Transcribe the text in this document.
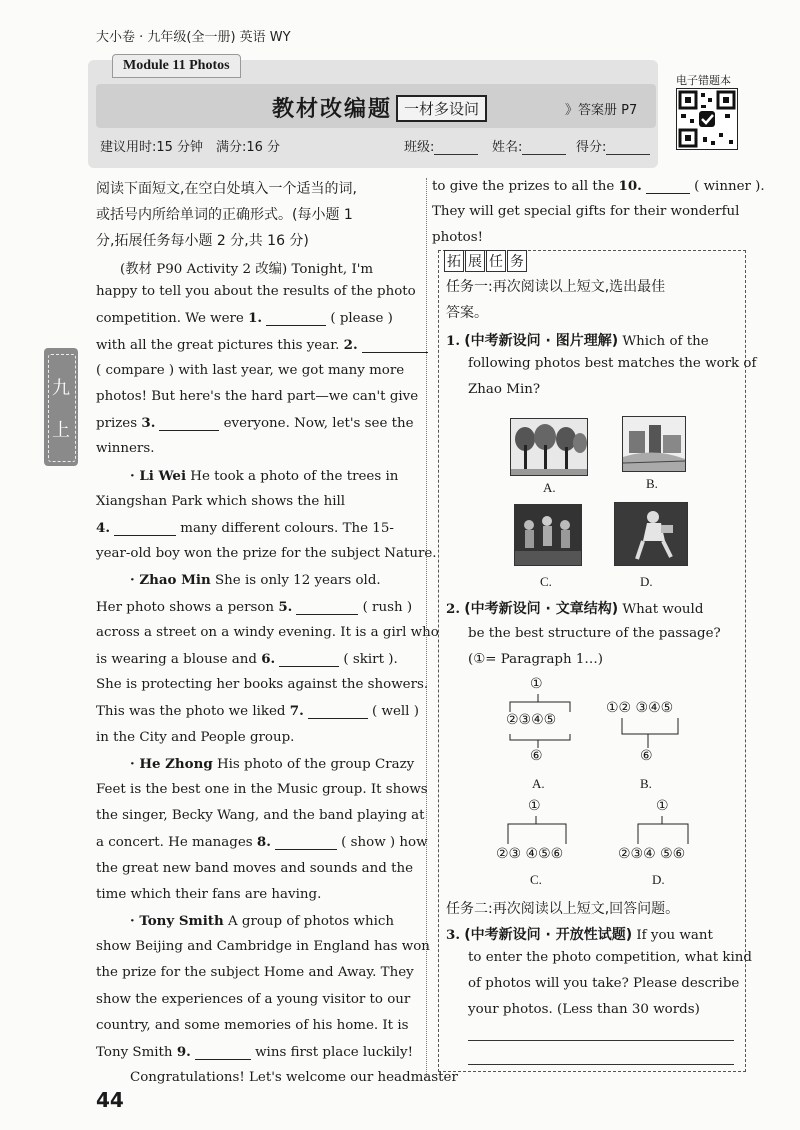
大小卷 · 九年级(全一册) 英语 WY
Module 11 Photos
教材改编题 一材多设问	》答案册 P7
建议用时:15 分钟 满分:16 分	班级:	姓名:	得分:
电子错题本
九
上
阅读下面短文,在空白处填入一个适当的词,
或括号内所给单词的正确形式。(每小题 1
分,拓展任务每小题 2 分,共 16 分)
(教材 P90 Activity 2 改编) Tonight, I'm
happy to tell you about the results of the photo
competition. We were 1.	( please )
with all the great pictures this year. 2.
( compare ) with last year, we got many more
photos! But here's the hard part—we can't give
prizes 3.	everyone. Now, let's see the
winners.
· Li Wei He took a photo of the trees in
Xiangshan Park which shows the hill
4.	many different colours. The 15-
year-old boy won the prize for the subject Nature.
· Zhao Min She is only 12 years old.
Her photo shows a person 5.	( rush )
across a street on a windy evening. It is a girl who
is wearing a blouse and 6.	( skirt ).
She is protecting her books against the showers.
This was the photo we liked 7.	( well )
in the City and People group.
· He Zhong His photo of the group Crazy
Feet is the best one in the Music group. It shows
the singer, Becky Wang, and the band playing at
a concert. He manages 8.	( show ) how
the great new band moves and sounds and the
time which their fans are having.
· Tony Smith A group of photos which
show Beijing and Cambridge in England has won
the prize for the subject Home and Away. They
show the experiences of a young visitor to our
country, and some memories of his home. It is
Tony Smith 9.	wins first place luckily!
Congratulations! Let's welcome our headmaster
to give the prizes to all the 10.	( winner ).
They will get special gifts for their wonderful
photos!
拓 展 任 务
任务一:再次阅读以上短文,选出最佳
答案。
1. (中考新设问 · 图片理解) Which of the
following photos best matches the work of
Zhao Min?
A.	B.
C.	D.
2. (中考新设问 · 文章结构) What would
be the best structure of the passage?
(①= Paragraph 1…)
①
②③④⑤
⑥
A.
①② ③④⑤
⑥
B.
①
②③ ④⑤⑥
C.
①
②③④ ⑤⑥
D.
任务二:再次阅读以上短文,回答问题。
3. (中考新设问 · 开放性试题) If you want
to enter the photo competition, what kind
of photos will you take? Please describe
your photos. (Less than 30 words)
44
